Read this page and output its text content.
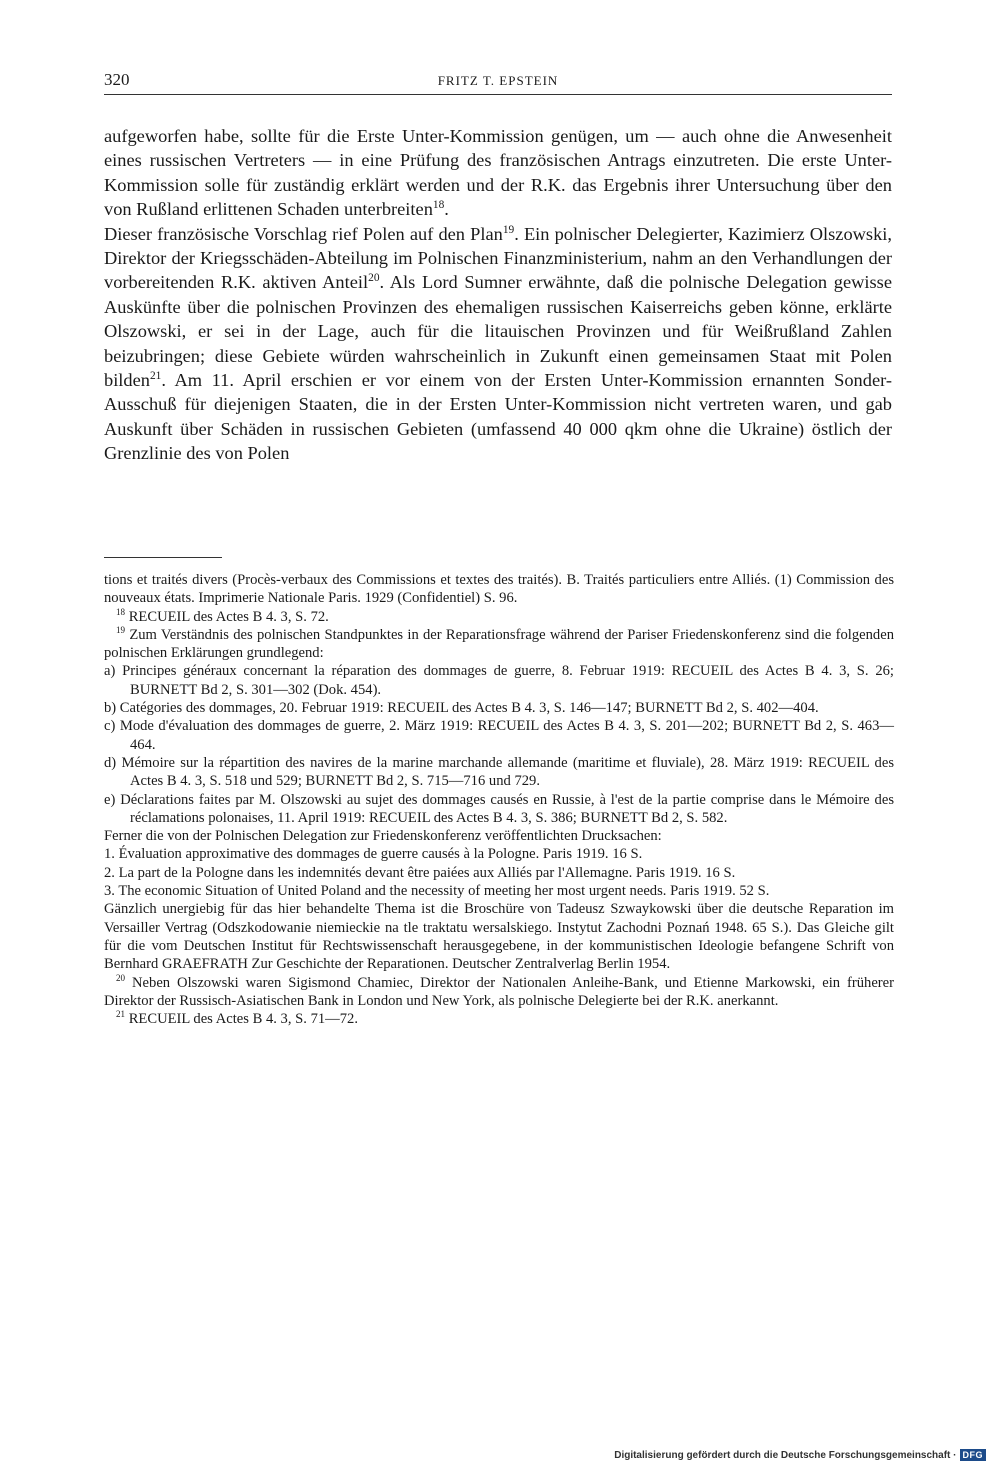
320	FRITZ T. EPSTEIN

aufgeworfen habe, sollte für die Erste Unter-Kommission genügen, um — auch ohne die Anwesenheit eines russischen Vertreters — in eine Prüfung des französischen Antrags einzutreten. Die erste Unter-Kommission solle für zuständig erklärt werden und der R.K. das Ergebnis ihrer Untersuchung über den von Rußland erlittenen Schaden unterbreiten$^{18}$.

Dieser französische Vorschlag rief Polen auf den Plan$^{19}$. Ein polnischer Delegierter, Kazimierz Olszowski, Direktor der Kriegsschäden-Abteilung im Polnischen Finanzministerium, nahm an den Verhandlungen der vorbereitenden R.K. aktiven Anteil$^{20}$. Als Lord Sumner erwähnte, daß die polnische Delegation gewisse Auskünfte über die polnischen Provinzen des ehemaligen russischen Kaiserreichs geben könne, erklärte Olszowski, er sei in der Lage, auch für die litauischen Provinzen und für Weißrußland Zahlen beizubringen; diese Gebiete würden wahrscheinlich in Zukunft einen gemeinsamen Staat mit Polen bilden$^{21}$. Am 11. April erschien er vor einem von der Ersten Unter-Kommission ernannten Sonder-Ausschuß für diejenigen Staaten, die in der Ersten Unter-Kommission nicht vertreten waren, und gab Auskunft über Schäden in russischen Gebieten (umfassend 40 000 qkm ohne die Ukraine) östlich der Grenzlinie des von Polen

tions et traités divers (Procès-verbaux des Commissions et textes des traités). B. Traités particuliers entre Alliés. (1) Commission des nouveaux états. Imprimerie Nationale Paris. 1929 (Confidentiel) S. 96.

$^{18}$ RECUEIL des Actes B 4. 3, S. 72.

$^{19}$ Zum Verständnis des polnischen Standpunktes in der Reparationsfrage während der Pariser Friedenskonferenz sind die folgenden polnischen Erklärungen grundlegend:

a) Principes généraux concernant la réparation des dommages de guerre, 8. Februar 1919: RECUEIL des Actes B 4. 3, S. 26; BURNETT Bd 2, S. 301—302 (Dok. 454).

b) Catégories des dommages, 20. Februar 1919: RECUEIL des Actes B 4. 3, S. 146—147; BURNETT Bd 2, S. 402—404.

c) Mode d'évaluation des dommages de guerre, 2. März 1919: RECUEIL des Actes B 4. 3, S. 201—202; BURNETT Bd 2, S. 463—464.

d) Mémoire sur la répartition des navires de la marine marchande allemande (maritime et fluviale), 28. März 1919: RECUEIL des Actes B 4. 3, S. 518 und 529; BURNETT Bd 2, S. 715—716 und 729.

e) Déclarations faites par M. Olszowski au sujet des dommages causés en Russie, à l'est de la partie comprise dans le Mémoire des réclamations polonaises, 11. April 1919: RECUEIL des Actes B 4. 3, S. 386; BURNETT Bd 2, S. 582.

Ferner die von der Polnischen Delegation zur Friedenskonferenz veröffentlichten Drucksachen:

1. Évaluation approximative des dommages de guerre causés à la Pologne. Paris 1919. 16 S.

2. La part de la Pologne dans les indemnités devant être paiées aux Alliés par l'Allemagne. Paris 1919. 16 S.

3. The economic Situation of United Poland and the necessity of meeting her most urgent needs. Paris 1919. 52 S.

Gänzlich unergiebig für das hier behandelte Thema ist die Broschüre von Tadeusz Szwaykowski über die deutsche Reparation im Versailler Vertrag (Odszkodowanie niemieckie na tle traktatu wersalskiego. Instytut Zachodni Poznań 1948. 65 S.). Das Gleiche gilt für die vom Deutschen Institut für Rechtswissenschaft herausgegebene, in der kommunistischen Ideologie befangene Schrift von Bernhard GRAEFRATH Zur Geschichte der Reparationen. Deutscher Zentralverlag Berlin 1954.

$^{20}$ Neben Olszowski waren Sigismond Chamiec, Direktor der Nationalen Anleihe-Bank, und Etienne Markowski, ein früherer Direktor der Russisch-Asiatischen Bank in London und New York, als polnische Delegierte bei der R.K. anerkannt.

$^{21}$ RECUEIL des Actes B 4. 3, S. 71—72.

Digitalisierung gefördert durch die Deutsche Forschungsgemeinschaft · DFG
